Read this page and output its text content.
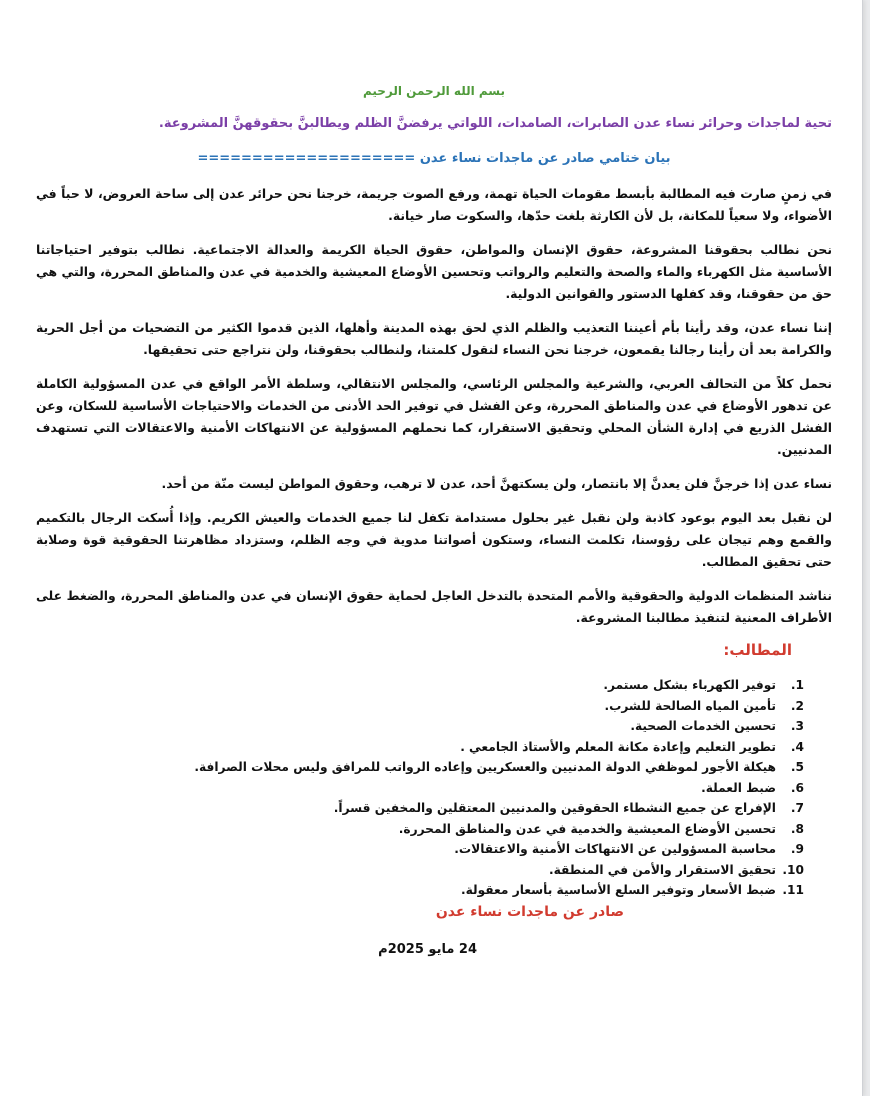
بسم الله الرحمن الرحيم
تحية لماجدات وحرائر نساء عدن الصابرات، الصامدات، اللواتي يرفضنَّ الظلم ويطالبنَّ بحقوقهنَّ المشروعة.
بيان ختامي صادر عن ماجدات نساء عدن ====================

في زمنٍ صارت فيه المطالبة بأبسط مقومات الحياة تهمة، ورفع الصوت جريمة، خرجنا نحن حرائر عدن إلى ساحة العروض، لا حباً في الأضواء، ولا سعياً للمكانة، بل لأن الكارثة بلغت حدّها، والسكوت صار خيانة.

نحن نطالب بحقوقنا المشروعة، حقوق الإنسان والمواطن، حقوق الحياة الكريمة والعدالة الاجتماعية. نطالب بتوفير احتياجاتنا الأساسية مثل الكهرباء والماء والصحة والتعليم والرواتب وتحسين الأوضاع المعيشية والخدمية في عدن والمناطق المحررة، والتي هي حق من حقوقنا، وقد كفلها الدستور والقوانين الدولية.

إننا نساء عدن، وقد رأينا بأم أعيننا التعذيب والظلم الذي لحق بهذه المدينة وأهلها، الذين قدموا الكثير من التضحيات من أجل الحرية والكرامة بعد أن رأينا رجالنا يقمعون، خرجنا نحن النساء لنقول كلمتنا، ولنطالب بحقوقنا، ولن نتراجع حتى تحقيقها.

نحمل كلاً من التحالف العربي، والشرعية والمجلس الرئاسي، والمجلس الانتقالي، وسلطة الأمر الواقع في عدن المسؤولية الكاملة عن تدهور الأوضاع في عدن والمناطق المحررة، وعن الفشل في توفير الحد الأدنى من الخدمات والاحتياجات الأساسية للسكان، وعن الفشل الذريع في إدارة الشأن المحلي وتحقيق الاستقرار، كما نحملهم المسؤولية عن الانتهاكات الأمنية والاعتقالات التي تستهدف المدنيين.

نساء عدن إذا خرجنَّ فلن يعدنَّ إلا بانتصار، ولن يسكتهنَّ أحد، عدن لا ترهب، وحقوق المواطن ليست منّة من أحد.

لن نقبل بعد اليوم بوعود كاذبة ولن نقبل غير بحلول مستدامة تكفل لنا جميع الخدمات والعيش الكريم. وإذا أُسكت الرجال بالتكميم والقمع وهم تيجان على رؤوسنا، تكلمت النساء، وستكون أصواتنا مدوية في وجه الظلم، وستزداد مظاهرتنا الحقوقية قوة وصلابة حتى تحقيق المطالب.

نناشد المنظمات الدولية والحقوقية والأمم المتحدة بالتدخل العاجل لحماية حقوق الإنسان في عدن والمناطق المحررة، والضغط على الأطراف المعنية لتنفيذ مطالبنا المشروعة.

المطالب:
1.
توفير الكهرباء بشكل مستمر.
2.
تأمين المياه الصالحة للشرب.
3.
تحسين الخدمات الصحية.
4.
تطوير التعليم وإعادة مكانة المعلم والأستاذ الجامعي .
5.
هيكلة الأجور لموظفي الدولة المدنيين والعسكريين وإعاده الرواتب للمرافق وليس محلات الصرافة.
6.
ضبط العملة.
7.
الإفراج عن جميع النشطاء الحقوقين والمدنيين المعتقلين والمخفين قسراً.
8.
تحسين الأوضاع المعيشية والخدمية في عدن والمناطق المحررة.
9.
محاسبة المسؤولين عن الانتهاكات الأمنية والاعتقالات.
10.
تحقيق الاستقرار والأمن في المنطقة.
11.
ضبط الأسعار وتوفير السلع الأساسية بأسعار معقولة.
صادر عن ماجدات نساء عدن
24 مايو 2025م
